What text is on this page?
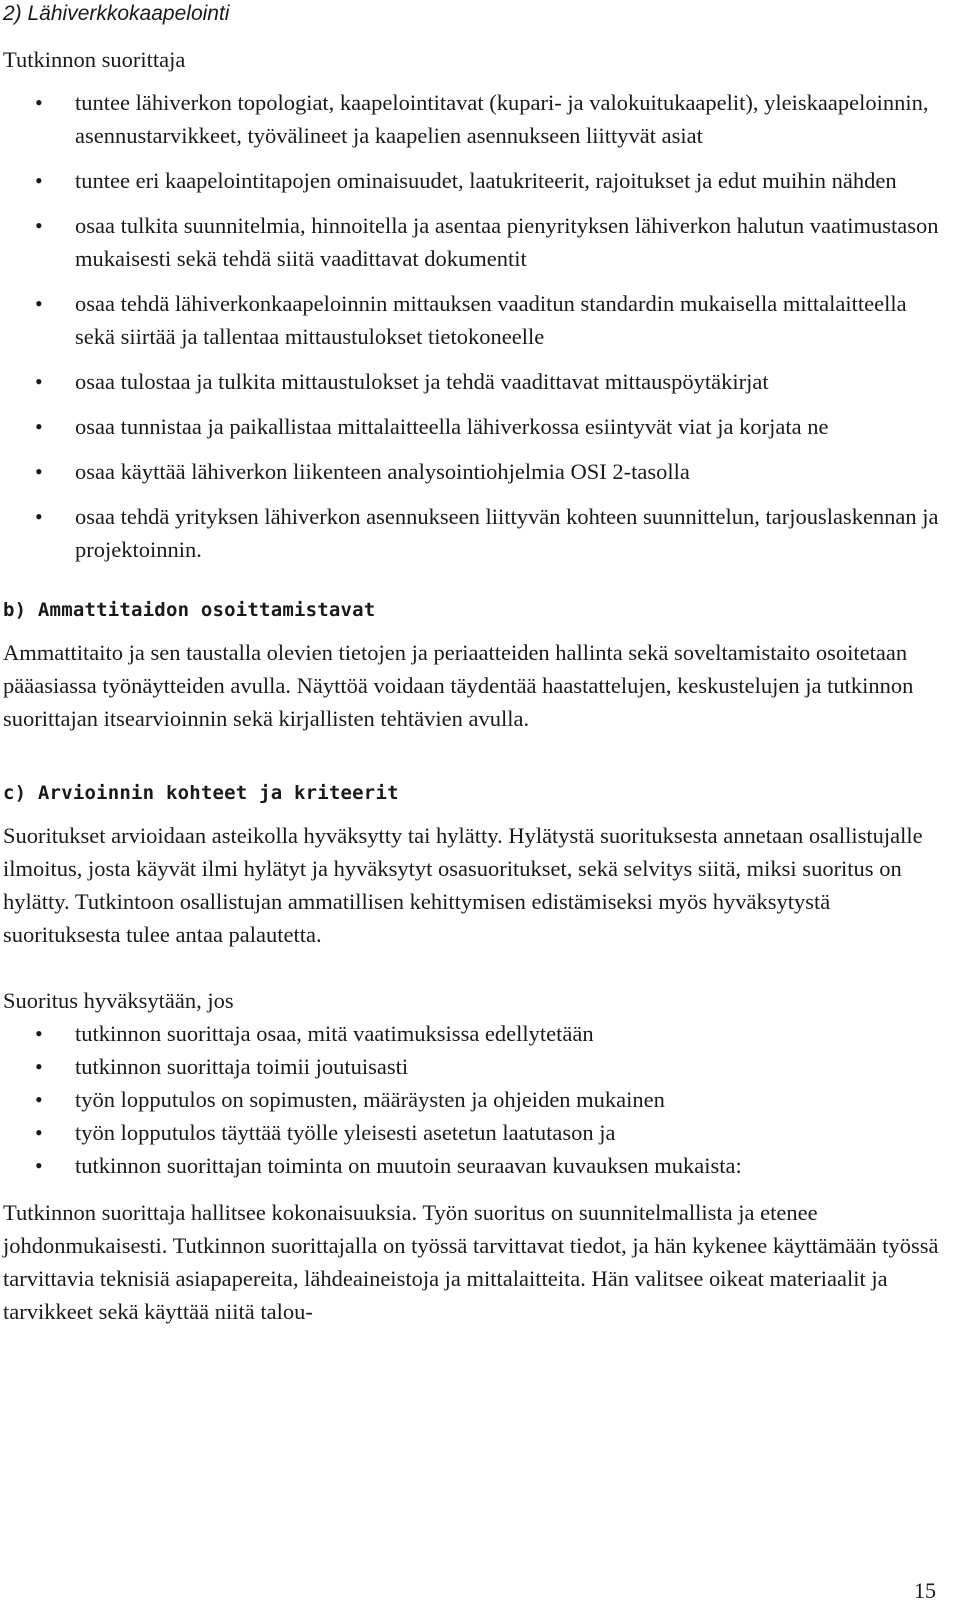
2) Lähiverkkokaapelointi

Tutkinnon suorittaja

• tuntee lähiverkon topologiat, kaapelointitavat (kupari- ja valokuitukaapelit), yleiskaapeloinnin, asennustarvikkeet, työvälineet ja kaapelien asennukseen liittyvät asiat
• tuntee eri kaapelointitapojen ominaisuudet, laatukriteerit, rajoitukset ja edut muihin nähden
• osaa tulkita suunnitelmia, hinnoitella ja asentaa pienyrityksen lähiverkon halutun vaatimustason mukaisesti sekä tehdä siitä vaadittavat dokumentit
• osaa tehdä lähiverkonkaapeloinnin mittauksen vaaditun standardin mukaisella mittalaitteella sekä siirtää ja tallentaa mittaustulokset tietokoneelle
• osaa tulostaa ja tulkita mittaustulokset ja tehdä vaadittavat mittauspöytäkirjat
• osaa tunnistaa ja paikallistaa mittalaitteella lähiverkossa esiintyvät viat ja korjata ne
• osaa käyttää lähiverkon liikenteen analysointiohjelmia OSI 2-tasolla
• osaa tehdä yrityksen lähiverkon asennukseen liittyvän kohteen suunnittelun, tarjouslaskennan ja projektoinnin.

b) Ammattitaidon osoittamistavat

Ammattitaito ja sen taustalla olevien tietojen ja periaatteiden hallinta sekä soveltamistaito osoitetaan pääasiassa työnäytteiden avulla. Näyttöä voidaan täydentää haastattelujen, keskustelujen ja tutkinnon suorittajan itsearvioinnin sekä kirjallisten tehtävien avulla.

c) Arvioinnin kohteet ja kriteerit

Suoritukset arvioidaan asteikolla hyväksytty tai hylätty. Hylätystä suorituksesta annetaan osallistujalle ilmoitus, josta käyvät ilmi hylätyt ja hyväksytyt osasuoritukset, sekä selvitys siitä, miksi suoritus on hylätty. Tutkintoon osallistujan ammatillisen kehittymisen edistämiseksi myös hyväksytystä suorituksesta tulee antaa palautetta.

Suoritus hyväksytään, jos

• tutkinnon suorittaja osaa, mitä vaatimuksissa edellytetään
• tutkinnon suorittaja toimii joutuisasti
• työn lopputulos on sopimusten, määräysten ja ohjeiden mukainen
• työn lopputulos täyttää työlle yleisesti asetetun laatutason ja
• tutkinnon suorittajan toiminta on muutoin seuraavan kuvauksen mukaista:

Tutkinnon suorittaja hallitsee kokonaisuuksia. Työn suoritus on suunnitelmallista ja etenee johdonmukaisesti. Tutkinnon suorittajalla on työssä tarvittavat tiedot, ja hän kykenee käyttämään työssä tarvittavia teknisiä asiapapereita, lähdeaineistoja ja mittalaitteita. Hän valitsee oikeat materiaalit ja tarvikkeet sekä käyttää niitä talou-

15
